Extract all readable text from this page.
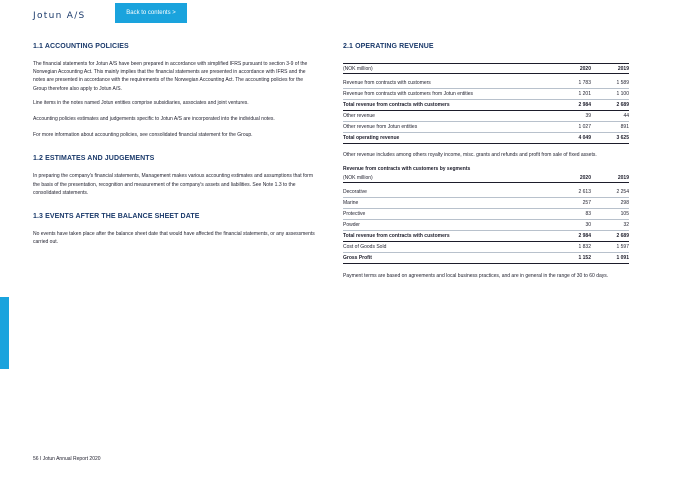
Jotun A/S	Back to contents >
1.1 ACCOUNTING POLICIES

The financial statements for Jotun A/S have been prepared in accordance with simplified IFRS pursuant to section 3-9 of the Norwegian Accounting Act. This mainly implies that the financial statements are presented in accordance with IFRS and the notes are presented in accordance with the requirements of the Norwegian Accounting Act. The accounting policies for the Group therefore also apply to Jotun A/S.

Line items in the notes named Jotun entities comprise subsidiaries, associates and joint ventures.

Accounting policies estimates and judgements specific to Jotun A/S are incorporated into the individual notes.

For more information about accounting policies, see consolidated financial statement for the Group.

1.2 ESTIMATES AND JUDGEMENTS

In preparing the company's financial statements, Management makes various accounting estimates and assumptions that form the basis of the presentation, recognition and measurement of the company's assets and liabilities. See Note 1.3 to the consolidated statements.

1.3 EVENTS AFTER THE BALANCE SHEET DATE

No events have taken place after the balance sheet date that would have affected the financial statements, or any assessments carried out.

2.1 OPERATING REVENUE
(NOK million)	2020	2019

Revenue from contracts with customers	1 783	1 589
Revenue from contracts with customers from Jotun entities	1 201	1 100
Total revenue from contracts with customers	2 984	2 689
Other revenue	39	44
Other revenue from Jotun entities	1 027	891
Total operating revenue	4 049	3 625

Other revenue includes among others royalty income, misc. grants and refunds and profit from sale of fixed assets.

Revenue from contracts with customers by segments
(NOK million)	2020	2019

Decorative	2 613	2 254
Marine	257	298
Protective	83	105
Powder	30	32
Total revenue from contracts with customers	2 984	2 689
Cost of Goods Sold	1 832	1 597
Gross Profit	1 152	1 091

Payment terms are based on agreements and local business practices, and are in general in the range of 30 to 60 days.

56 I Jotun Annual Report 2020
